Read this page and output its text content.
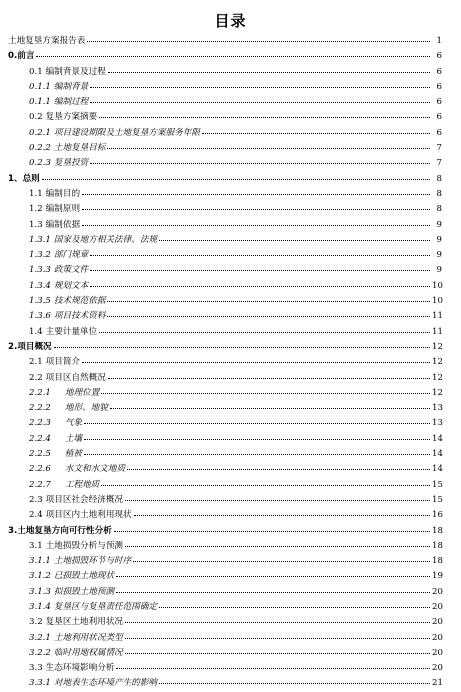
目录
土地复垦方案报告表	1
0.前言	6
0.1 编制背景及过程	6
0.1.1 编制背景	6
0.1.1 编制过程	6
0.2 复垦方案摘要	6
0.2.1 项目建设期限及土地复垦方案服务年限	6
0.2.2 土地复垦目标	7
0.2.3 复垦投资	7
1、总则	8
1.1 编制目的	8
1.2 编制原则	8
1.3 编制依据	9
1.3.1 国家及地方相关法律、法规	9
1.3.2 部门规章	9
1.3.3 政策文件	9
1.3.4 规划文本	10
1.3.5 技术规范依据	10
1.3.6 项目技术资料	11
1.4 主要计量单位	11
2.项目概况	12
2.1 项目简介	12
2.2 项目区自然概况	12
2.2.1 地理位置	12
2.2.2 地形、地貌	13
2.2.3 气象	13
2.2.4 土壤	14
2.2.5 植被	14
2.2.6 水文和水文地质	14
2.2.7 工程地质	15
2.3 项目区社会经济概况	15
2.4 项目区内土地利用现状	16
3.土地复垦方向可行性分析	18
3.1 土地损毁分析与预测	18
3.1.1 土地损毁环节与时序	18
3.1.2 已损毁土地现状	19
3.1.3 拟损毁土地预测	20
3.1.4 复垦区与复垦责任范围确定	20
3.2 复垦区土地利用状况	20
3.2.1 土地利用状况类型	20
3.2.2 临时用地权属情况	20
3.3 生态环境影响分析	20
3.3.1 对地表生态环境产生的影响	21
